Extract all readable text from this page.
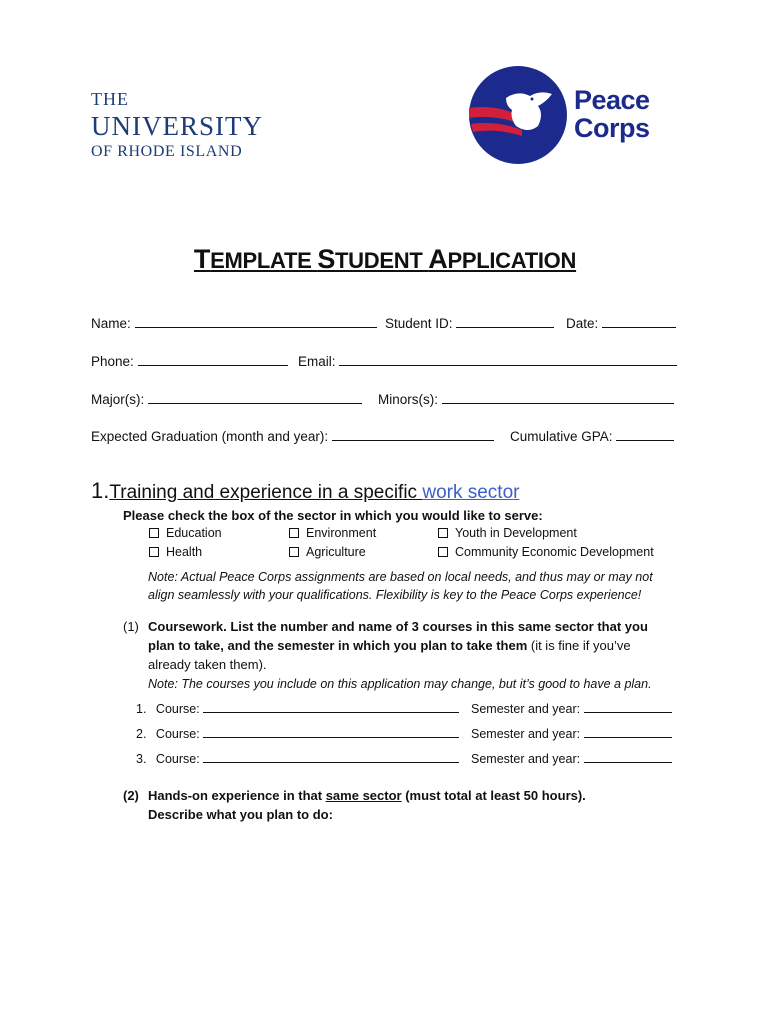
THE
UNIVERSITY
OF RHODE ISLAND
Peace
Corps
TEMPLATE STUDENT APPLICATION
Name:	Student ID:	Date:
Phone:	Email:
Major(s):	Minors(s):
Expected Graduation (month and year):	Cumulative GPA:
1.Training and experience in a specific work sector
Please check the box of the sector in which you would like to serve:
Education	Environment	Youth in Development
Health	Agriculture	Community Economic Development
Note: Actual Peace Corps assignments are based on local needs, and thus may or may not
align seamlessly with your qualifications. Flexibility is key to the Peace Corps experience!
(1) Coursework. List the number and name of 3 courses in this same sector that you
plan to take, and the semester in which you plan to take them (it is fine if you’ve
already taken them).
Note: The courses you include on this application may change, but it’s good to have a plan.
1. Course:	Semester and year:
2. Course:	Semester and year:
3. Course:	Semester and year:
(2) Hands-on experience in that same sector (must total at least 50 hours).
Describe what you plan to do:
